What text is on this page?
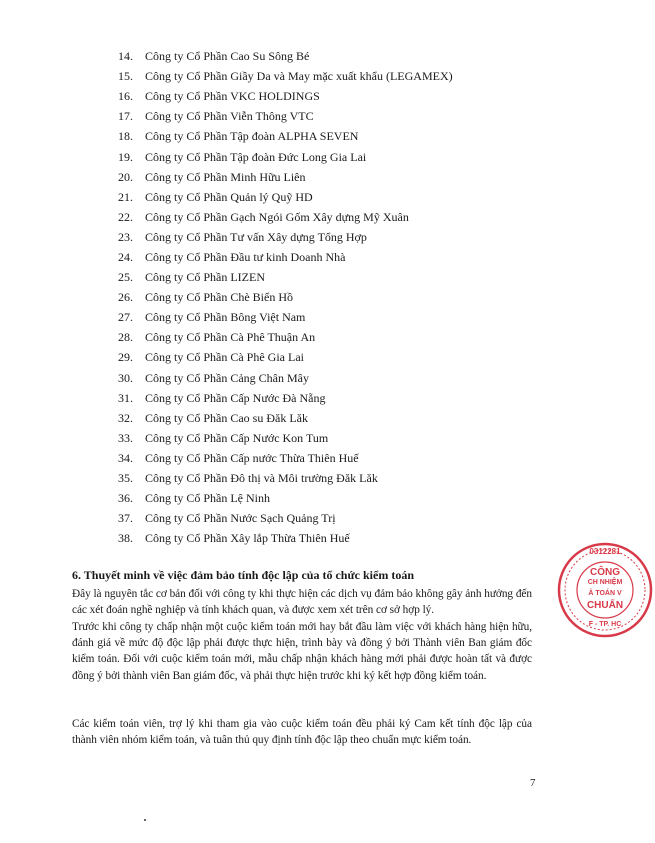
14.	Công ty Cổ Phần Cao Su Sông Bé
15.	Công ty Cổ Phần Giầy Da và May mặc xuất khẩu (LEGAMEX)
16.	Công ty Cổ Phần VKC HOLDINGS
17.	Công ty Cổ Phần Viễn Thông VTC
18.	Công ty Cổ Phần Tập đoàn ALPHA SEVEN
19.	Công ty Cổ Phần Tập đoàn Đức Long Gia Lai
20.	Công ty Cổ Phần Minh Hữu Liên
21.	Công ty Cổ Phần Quản lý Quỹ HD
22.	Công ty Cổ Phần Gạch Ngói Gốm Xây dựng Mỹ Xuân
23.	Công ty Cổ Phần Tư vấn Xây dựng Tổng Hợp
24.	Công ty Cổ Phần Đầu tư kinh Doanh Nhà
25.	Công ty Cổ Phần LIZEN
26.	Công ty Cổ Phần Chè Biển Hồ
27.	Công ty Cổ Phần Bông Việt Nam
28.	Công ty Cổ Phần Cà Phê Thuận An
29.	Công ty Cổ Phần Cà Phê Gia Lai
30.	Công ty Cổ Phần Cảng Chân Mây
31.	Công ty Cổ Phần Cấp Nước Đà Nẵng
32.	Công ty Cổ Phần Cao su Đăk Lăk
33.	Công ty Cổ Phần Cấp Nước Kon Tum
34.	Công ty Cổ Phần Cấp nước Thừa Thiên Huế
35.	Công ty Cổ Phần Đô thị và Môi trường Đăk Lăk
36.	Công ty Cổ Phần Lệ Ninh
37.	Công ty Cổ Phần Nước Sạch Quảng Trị
38.	Công ty Cổ Phần Xây lắp Thừa Thiên Huế
6. Thuyết minh về việc đảm bảo tính độc lập của tổ chức kiểm toán

Đây là nguyên tắc cơ bản đối với công ty khi thực hiện các dịch vụ đảm bảo không gây ảnh hưởng đến các xét đoán nghề nghiệp và tính khách quan, và được xem xét trên cơ sở hợp lý.

Trước khi công ty chấp nhận một cuộc kiểm toán mới hay bắt đầu làm việc với khách hàng hiện hữu, đánh giá về mức độ độc lập phải được thực hiện, trình bày và đồng ý bởi Thành viên Ban giám đốc kiểm toán. Đối với cuộc kiểm toán mới, mẫu chấp nhận khách hàng mới phải được hoàn tất và được đồng ý bởi thành viên Ban giám đốc, và phải thực hiện trước khi ký kết hợp đồng kiểm toán.

Các kiểm toán viên, trợ lý khi tham gia vào cuộc kiểm toán đều phải ký Cam kết tính độc lập của thành viên nhóm kiểm toán, và tuân thủ quy định tính độc lập theo chuẩn mực kiểm toán.

0312281
CÔNG
CH NHIỆM
Ả TOÁN V
CHUẨN
F - TP. HC
7
